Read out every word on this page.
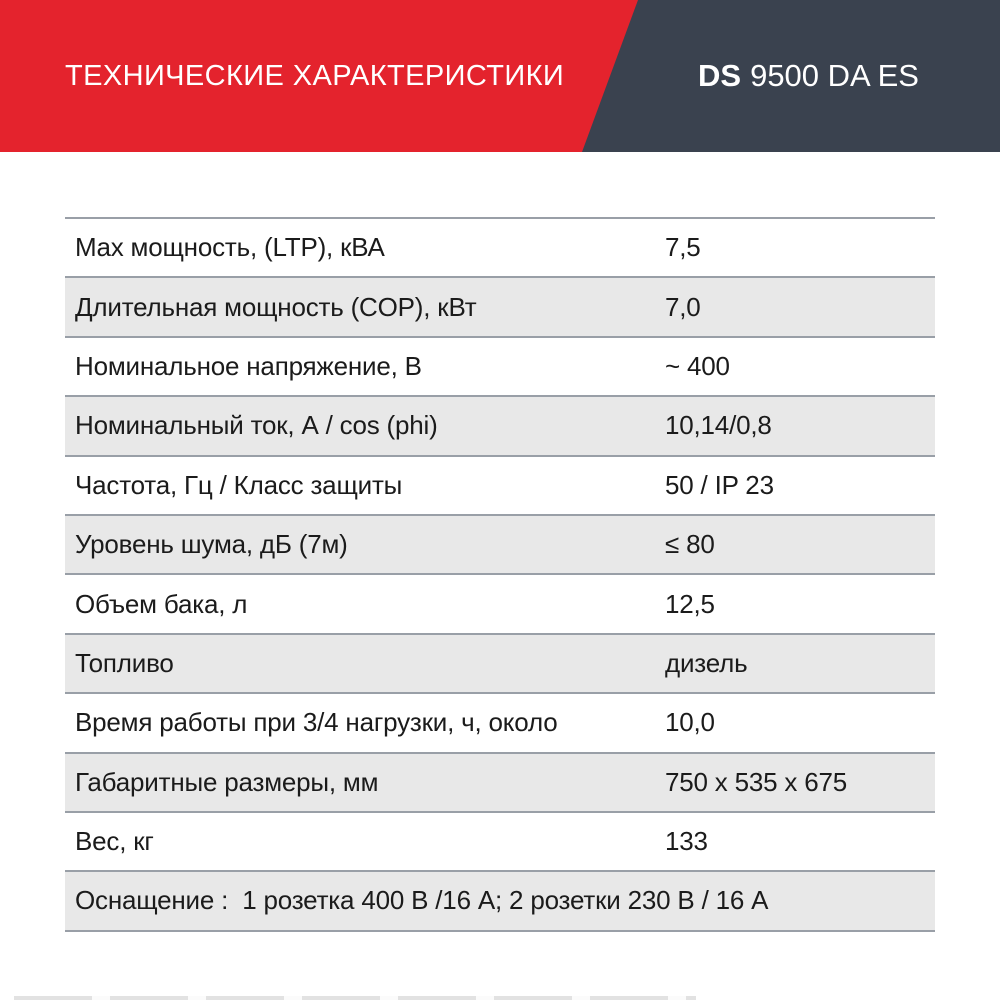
ТЕХНИЧЕСКИЕ ХАРАКТЕРИСТИКИ	DS 9500 DA ES
Max мощность, (LTP), кВА	7,5
Длительная мощность (COP), кВт	7,0
Номинальное напряжение, В	~ 400
Номинальный ток, А / cos (phi)	10,14/0,8
Частота, Гц / Класс защиты	50 / IP 23
Уровень шума, дБ (7м)	≤ 80
Объем бака, л	12,5
Топливо	дизель
Время работы при 3/4 нагрузки, ч, около	10,0
Габаритные размеры, мм	750 x 535 x 675
Вес, кг	133
Оснащение :  1 розетка 400 В /16 А; 2 розетки 230 В / 16 А
